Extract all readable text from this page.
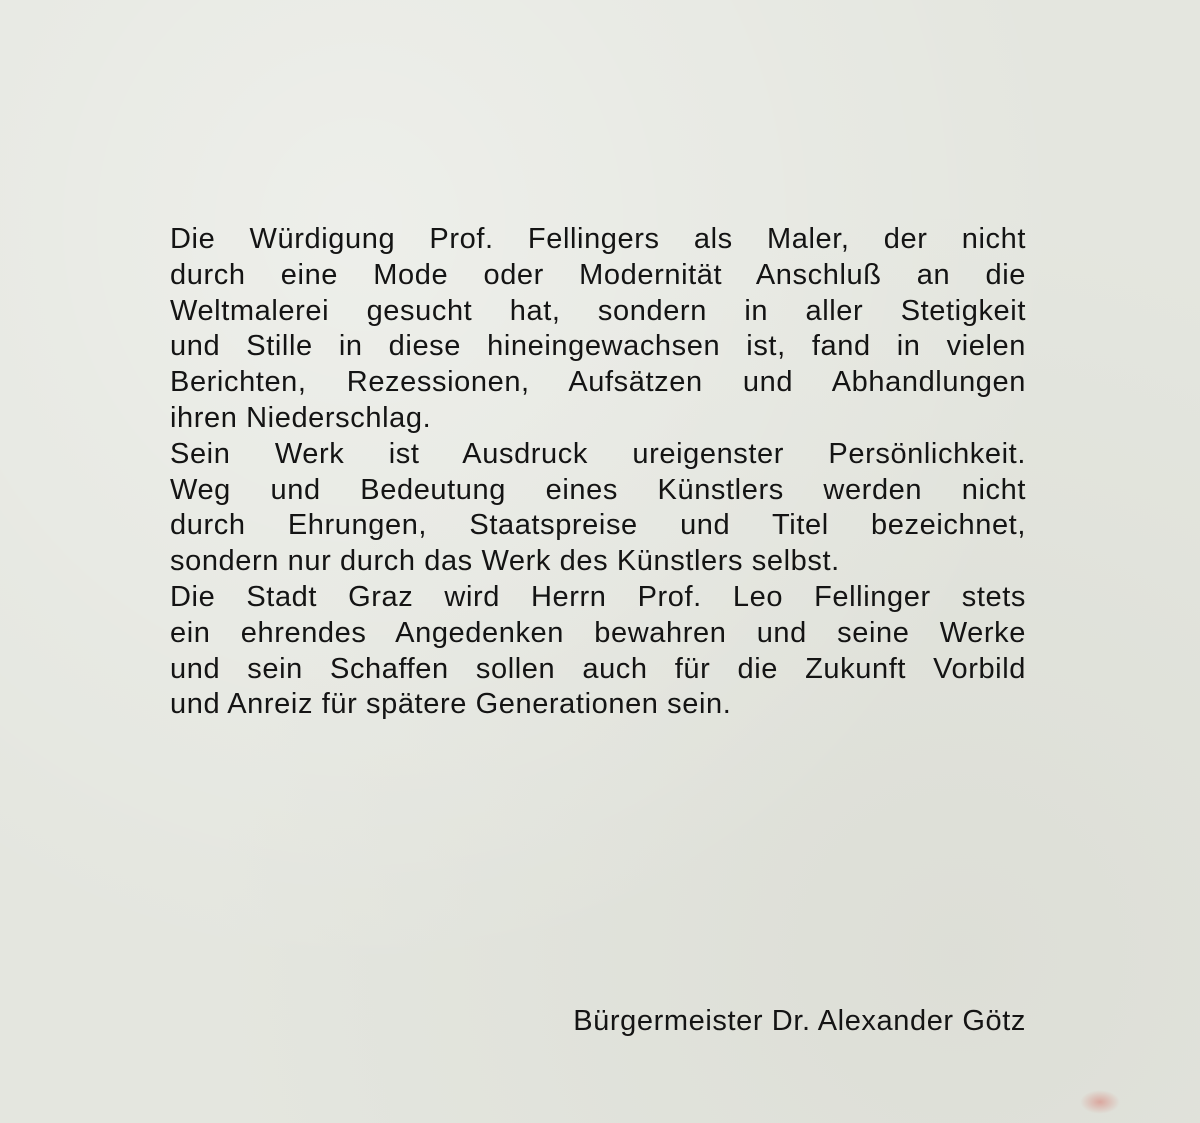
Die Würdigung Prof. Fellingers als Maler, der nicht
durch eine Mode oder Modernität Anschluß an die
Weltmalerei gesucht hat, sondern in aller Stetigkeit
und Stille in diese hineingewachsen ist, fand in vielen
Berichten, Rezessionen, Aufsätzen und Abhandlungen
ihren Niederschlag.

Sein Werk ist Ausdruck ureigenster Persönlichkeit.
Weg und Bedeutung eines Künstlers werden nicht
durch Ehrungen, Staatspreise und Titel bezeichnet,
sondern nur durch das Werk des Künstlers selbst.

Die Stadt Graz wird Herrn Prof. Leo Fellinger stets
ein ehrendes Angedenken bewahren und seine Werke
und sein Schaffen sollen auch für die Zukunft Vorbild
und Anreiz für spätere Generationen sein.

Bürgermeister Dr. Alexander Götz
